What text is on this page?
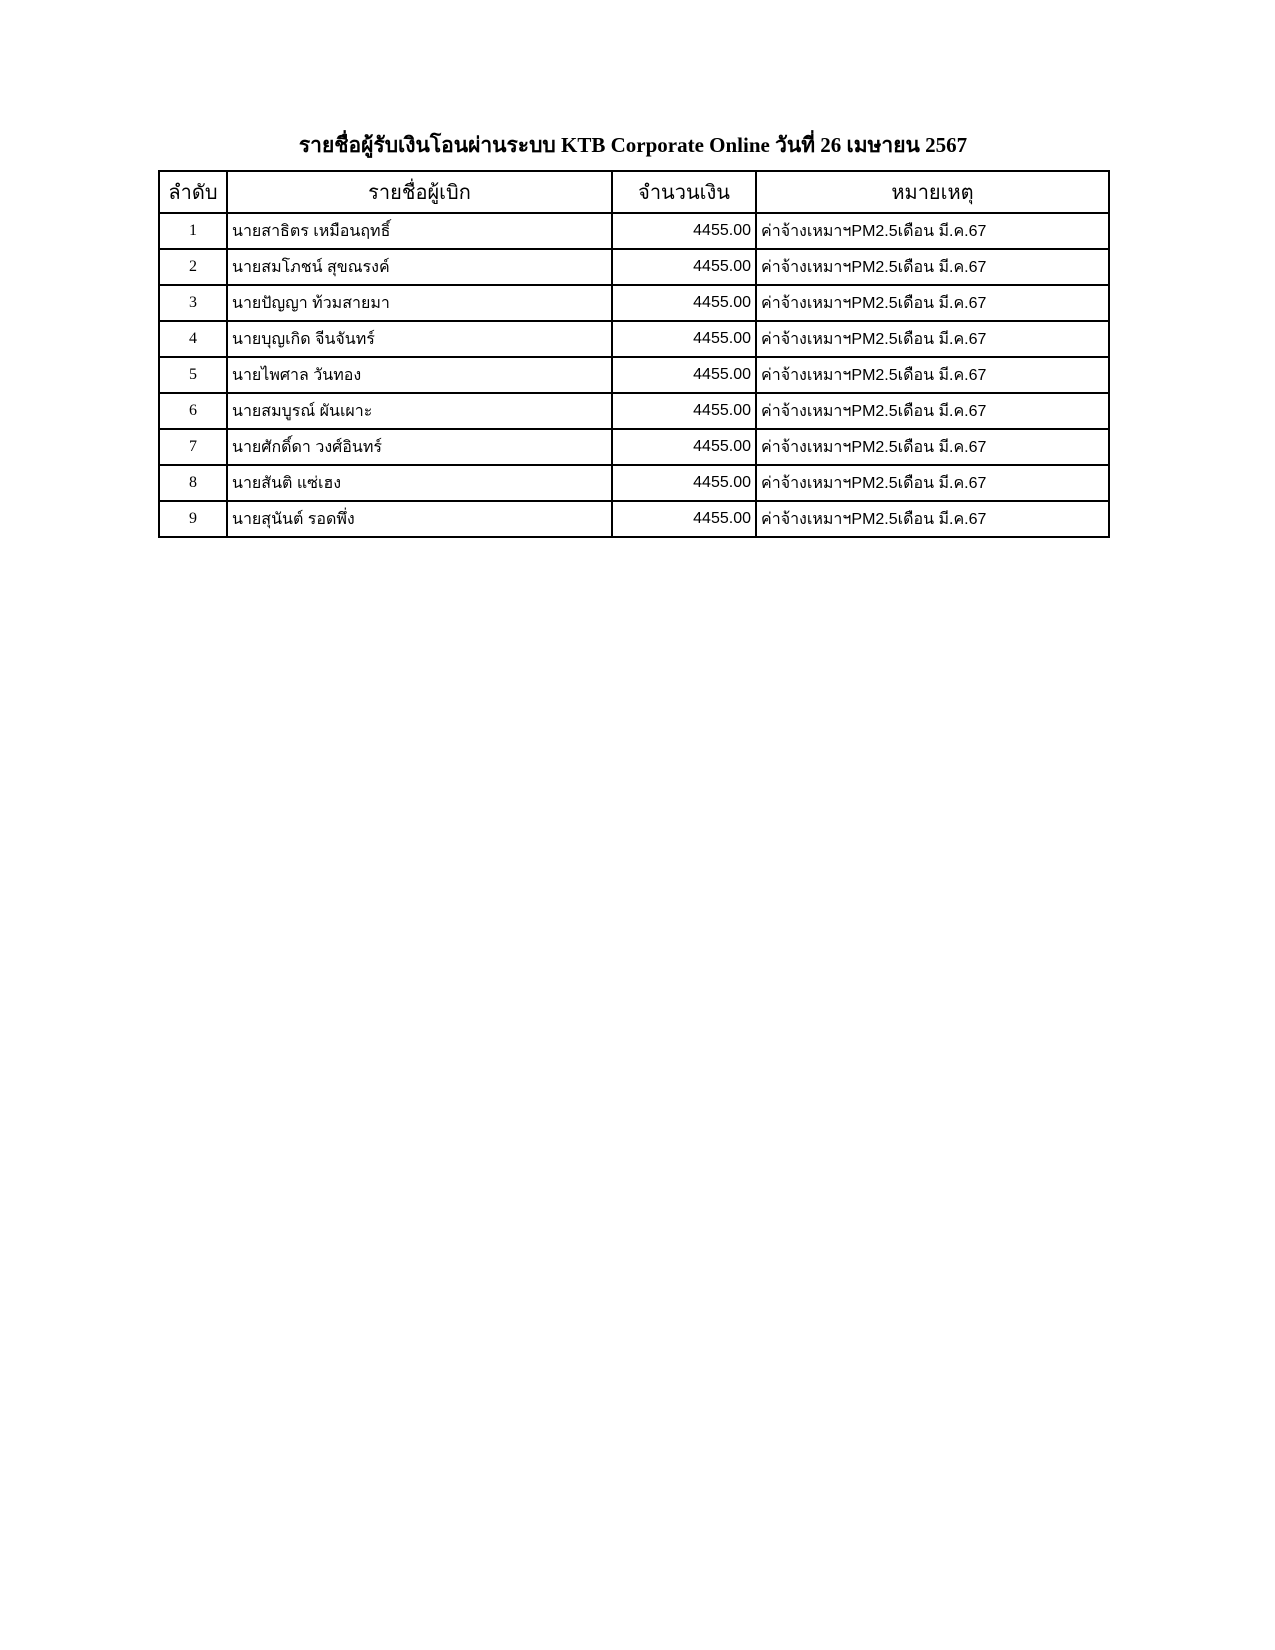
รายชื่อผู้รับเงินโอนผ่านระบบ KTB Corporate Online วันที่ 26 เมษายน 2567
ลำดับ	รายชื่อผู้เบิก	จำนวนเงิน	หมายเหตุ
1	นายสาธิตร เหมือนฤทธิ์	4455.00	ค่าจ้างเหมาฯPM2.5เดือน มี.ค.67
2	นายสมโภชน์ สุขณรงค์	4455.00	ค่าจ้างเหมาฯPM2.5เดือน มี.ค.67
3	นายปัญญา ท้วมสายมา	4455.00	ค่าจ้างเหมาฯPM2.5เดือน มี.ค.67
4	นายบุญเกิด จีนจันทร์	4455.00	ค่าจ้างเหมาฯPM2.5เดือน มี.ค.67
5	นายไพศาล วันทอง	4455.00	ค่าจ้างเหมาฯPM2.5เดือน มี.ค.67
6	นายสมบูรณ์ ผันเผาะ	4455.00	ค่าจ้างเหมาฯPM2.5เดือน มี.ค.67
7	นายศักดิ์ดา วงศ์อินทร์	4455.00	ค่าจ้างเหมาฯPM2.5เดือน มี.ค.67
8	นายสันติ แซ่เฮง	4455.00	ค่าจ้างเหมาฯPM2.5เดือน มี.ค.67
9	นายสุนันต์ รอดพึ่ง	4455.00	ค่าจ้างเหมาฯPM2.5เดือน มี.ค.67
